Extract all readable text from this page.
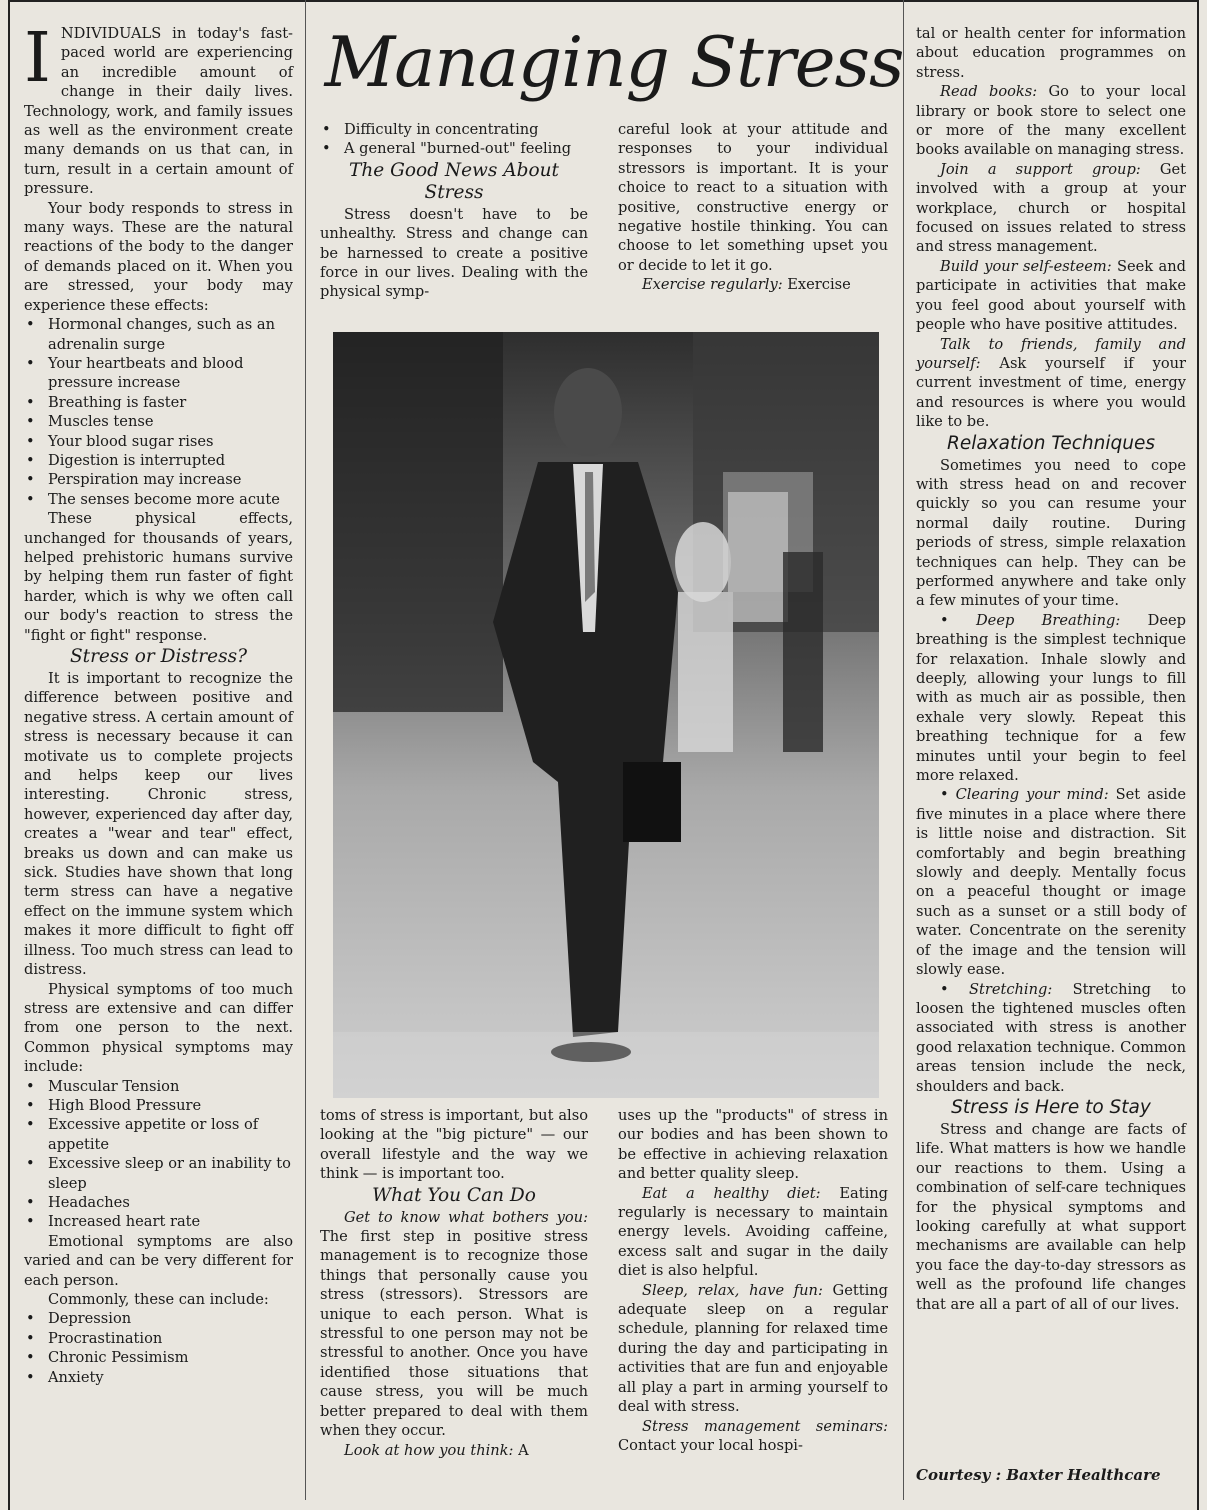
Managing Stress

INDIVIDUALS in today's fast-paced world are experiencing an incredible amount of change in their daily lives. Technology, work, and family issues as well as the environment create many demands on us that can, in turn, result in a certain amount of pressure.

Your body responds to stress in many ways. These are the natural reactions of the body to the danger of demands placed on it. When you are stressed, your body may experience these effects:

• Hormonal changes, such as an adrenalin surge
• Your heartbeats and blood pressure increase
• Breathing is faster
• Muscles tense
• Your blood sugar rises
• Digestion is interrupted
• Perspiration may increase
• The senses become more acute

These physical effects, unchanged for thousands of years, helped prehistoric humans survive by helping them run faster of fight harder, which is why we often call our body's reaction to stress the "fight or fight" response.

Stress or Distress?

It is important to recognize the difference between positive and negative stress. A certain amount of stress is necessary because it can motivate us to complete projects and helps keep our lives interesting. Chronic stress, however, experienced day after day, creates a "wear and tear" effect, breaks us down and can make us sick. Studies have shown that long term stress can have a negative effect on the immune system which makes it more difficult to fight off illness. Too much stress can lead to distress.

Physical symptoms of too much stress are extensive and can differ from one person to the next. Common physical symptoms may include:

• Muscular Tension
• High Blood Pressure
• Excessive appetite or loss of appetite
• Excessive sleep or an inability to sleep
• Headaches
• Increased heart rate

Emotional symptoms are also varied and can be very different for each person.

Commonly, these can include:

• Depression
• Procrastination
• Chronic Pessimism
• Anxiety
• Difficulty in concentrating
• A general "burned-out" feeling
The Good News About Stress

Stress doesn't have to be unhealthy. Stress and change can be harnessed to create a positive force in our lives. Dealing with the physical symp-

careful look at your attitude and responses to your individual stressors is important. It is your choice to react to a situation with positive, constructive energy or negative hostile thinking. You can choose to let something upset you or decide to let it go.

Exercise regularly: Exercise

toms of stress is important, but also looking at the "big picture" — our overall lifestyle and the way we think — is important too.

What You Can Do

Get to know what bothers you: The first step in positive stress management is to recognize those things that personally cause you stress (stressors). Stressors are unique to each person. What is stressful to one person may not be stressful to another. Once you have identified those situations that cause stress, you will be much better prepared to deal with them when they occur.

Look at how you think: A

uses up the "products" of stress in our bodies and has been shown to be effective in achieving relaxation and better quality sleep.

Eat a healthy diet: Eating regularly is necessary to maintain energy levels. Avoiding caffeine, excess salt and sugar in the daily diet is also helpful.

Sleep, relax, have fun: Getting adequate sleep on a regular schedule, planning for relaxed time during the day and participating in activities that are fun and enjoyable all play a part in arming yourself to deal with stress.

Stress management seminars: Contact your local hospi-

tal or health center for information about education programmes on stress.

Read books: Go to your local library or book store to select one or more of the many excellent books available on managing stress.

Join a support group: Get involved with a group at your workplace, church or hospital focused on issues related to stress and stress management.

Build your self-esteem: Seek and participate in activities that make you feel good about yourself with people who have positive attitudes.

Talk to friends, family and yourself: Ask yourself if your current investment of time, energy and resources is where you would like to be.

Relaxation Techniques

Sometimes you need to cope with stress head on and recover quickly so you can resume your normal daily routine. During periods of stress, simple relaxation techniques can help. They can be performed anywhere and take only a few minutes of your time.

• Deep Breathing: Deep breathing is the simplest technique for relaxation. Inhale slowly and deeply, allowing your lungs to fill with as much air as possible, then exhale very slowly. Repeat this breathing technique for a few minutes until your begin to feel more relaxed.

• Clearing your mind: Set aside five minutes in a place where there is little noise and distraction. Sit comfortably and begin breathing slowly and deeply. Mentally focus on a peaceful thought or image such as a sunset or a still body of water. Concentrate on the serenity of the image and the tension will slowly ease.

• Stretching: Stretching to loosen the tightened muscles often associated with stress is another good relaxation technique. Common areas tension include the neck, shoulders and back.

Stress is Here to Stay

Stress and change are facts of life. What matters is how we handle our reactions to them. Using a combination of self-care techniques for the physical symptoms and looking carefully at what support mechanisms are available can help you face the day-to-day stressors as well as the profound life changes that are all a part of all of our lives.

Courtesy : Baxter Healthcare
